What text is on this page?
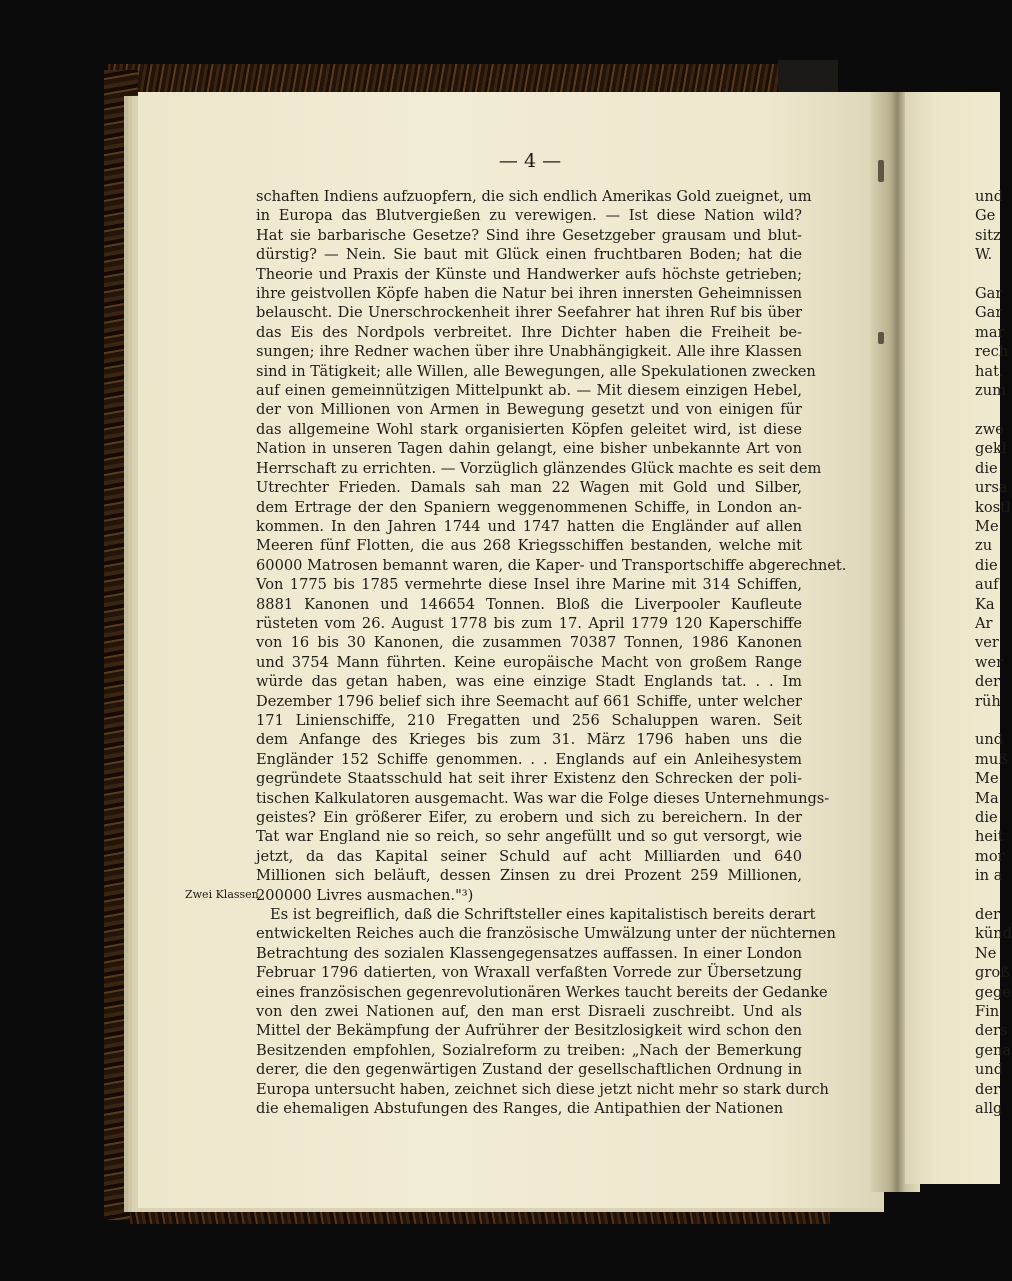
— 4 —
Zwei Klassen
schaften Indiens aufzuopfern, die sich endlich Amerikas Gold zueignet, um
in Europa das Blutvergießen zu verewigen. — Ist diese Nation wild?
Hat sie barbarische Gesetze? Sind ihre Gesetzgeber grausam und blut-
dürstig? — Nein. Sie baut mit Glück einen fruchtbaren Boden; hat die
Theorie und Praxis der Künste und Handwerker aufs höchste getrieben;
ihre geistvollen Köpfe haben die Natur bei ihren innersten Geheimnissen
belauscht. Die Unerschrockenheit ihrer Seefahrer hat ihren Ruf bis über
das Eis des Nordpols verbreitet. Ihre Dichter haben die Freiheit be-
sungen; ihre Redner wachen über ihre Unabhängigkeit. Alle ihre Klassen
sind in Tätigkeit; alle Willen, alle Bewegungen, alle Spekulationen zwecken
auf einen gemeinnützigen Mittelpunkt ab. — Mit diesem einzigen Hebel,
der von Millionen von Armen in Bewegung gesetzt und von einigen für
das allgemeine Wohl stark organisierten Köpfen geleitet wird, ist diese
Nation in unseren Tagen dahin gelangt, eine bisher unbekannte Art von
Herrschaft zu errichten. — Vorzüglich glänzendes Glück machte es seit dem
Utrechter Frieden. Damals sah man 22 Wagen mit Gold und Silber,
dem Ertrage der den Spaniern weggenommenen Schiffe, in London an-
kommen. In den Jahren 1744 und 1747 hatten die Engländer auf allen
Meeren fünf Flotten, die aus 268 Kriegsschiffen bestanden, welche mit
60000 Matrosen bemannt waren, die Kaper- und Transportschiffe abgerechnet.
Von 1775 bis 1785 vermehrte diese Insel ihre Marine mit 314 Schiffen,
8881 Kanonen und 146654 Tonnen. Bloß die Liverpooler Kaufleute
rüsteten vom 26. August 1778 bis zum 17. April 1779 120 Kaperschiffe
von 16 bis 30 Kanonen, die zusammen 70387 Tonnen, 1986 Kanonen
und 3754 Mann führten. Keine europäische Macht von großem Range
würde das getan haben, was eine einzige Stadt Englands tat. . . Im
Dezember 1796 belief sich ihre Seemacht auf 661 Schiffe, unter welcher
171 Linienschiffe, 210 Fregatten und 256 Schaluppen waren. Seit
dem Anfange des Krieges bis zum 31. März 1796 haben uns die
Engländer 152 Schiffe genommen. . . Englands auf ein Anleihesystem
gegründete Staatsschuld hat seit ihrer Existenz den Schrecken der poli-
tischen Kalkulatoren ausgemacht. Was war die Folge dieses Unternehmungs-
geistes? Ein größerer Eifer, zu erobern und sich zu bereichern. In der
Tat war England nie so reich, so sehr angefüllt und so gut versorgt, wie
jetzt, da das Kapital seiner Schuld auf acht Milliarden und 640
Millionen sich beläuft, dessen Zinsen zu drei Prozent 259 Millionen,
200000 Livres ausmachen."³)
Es ist begreiflich, daß die Schriftsteller eines kapitalistisch bereits derart
entwickelten Reiches auch die französische Umwälzung unter der nüchternen
Betrachtung des sozialen Klassengegensatzes auffassen. In einer London
Februar 1796 datierten, von Wraxall verfaßten Vorrede zur Übersetzung
eines französischen gegenrevolutionären Werkes taucht bereits der Gedanke
von den zwei Nationen auf, den man erst Disraeli zuschreibt. Und als
Mittel der Bekämpfung der Aufrührer der Besitzlosigkeit wird schon den
Besitzenden empfohlen, Sozialreform zu treiben: „Nach der Bemerkung
derer, die den gegenwärtigen Zustand der gesellschaftlichen Ordnung in
Europa untersucht haben, zeichnet sich diese jetzt nicht mehr so stark durch
die ehemaligen Abstufungen des Ranges, die Antipathien der Nationen
und
Ge
sitz
W.
Gar
Gar
mar
rech
hat.
zum
zwe
gekl
die
ursa
kostl
Me
zu
die
auf
Ka
Ar
ver
wer
der
rüh
und
muß
Me
Ma
die
heit
mor
in a
der
künd
Ne
groß
gege
Fin
ders
gena
und
der
allg
